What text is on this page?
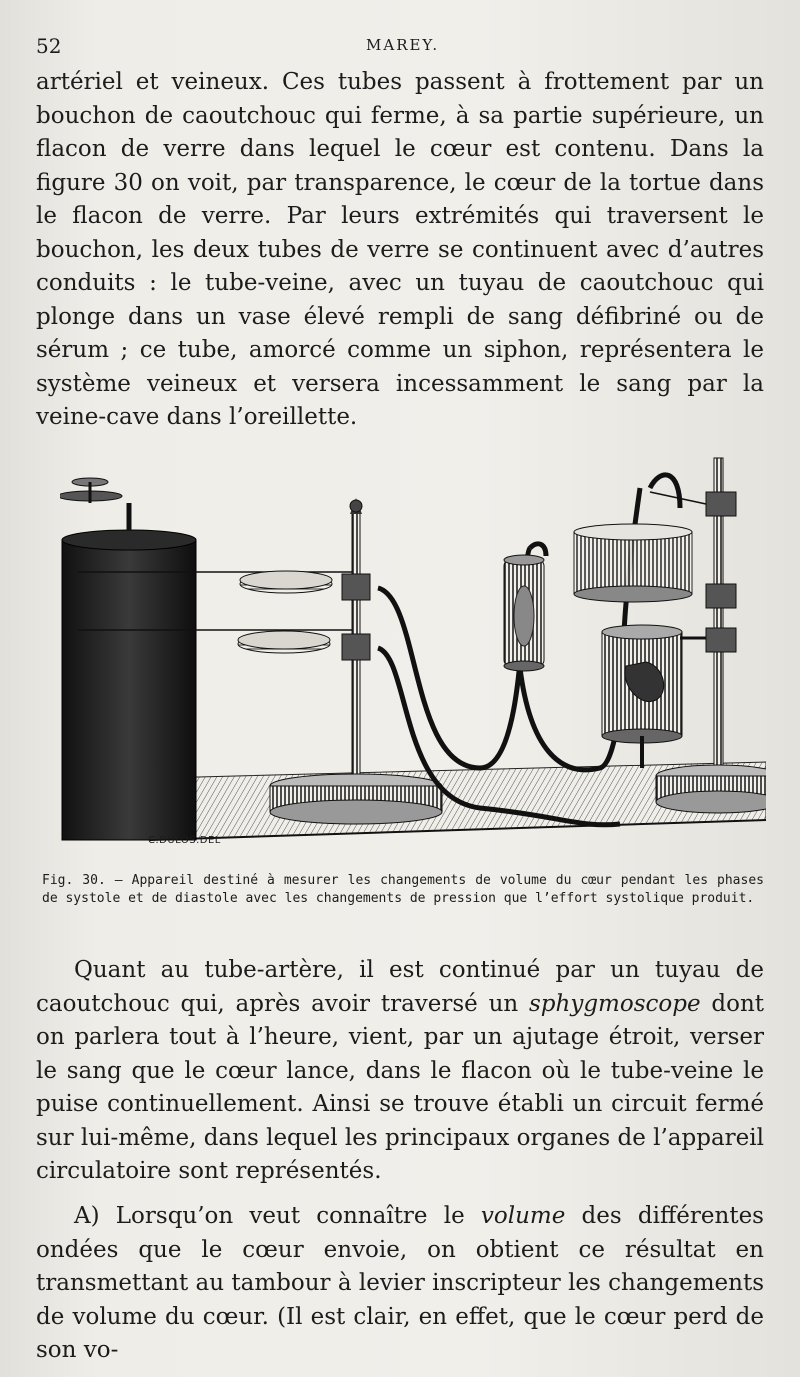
52	MAREY.

artériel et veineux. Ces tubes passent à frottement par un bouchon de caoutchouc qui ferme, à sa partie supérieure, un flacon de verre dans lequel le cœur est contenu. Dans la figure 30 on voit, par transparence, le cœur de la tortue dans le flacon de verre. Par leurs extrémités qui traversent le bouchon, les deux tubes de verre se continuent avec d’autres conduits : le tube-veine, avec un tuyau de caoutchouc qui plonge dans un vase élevé rempli de sang défibriné ou de sérum ; ce tube, amorcé comme un siphon, représentera le système veineux et versera incessamment le sang par la veine-cave dans l’oreillette.

C.DULOS.DEL
Fig. 30. — Appareil destiné à mesurer les changements de volume du cœur pendant les phases de systole et de diastole avec les changements de pression que l’effort systolique produit.

Quant au tube-artère, il est continué par un tuyau de caoutchouc qui, après avoir traversé un sphygmoscope dont on parlera tout à l’heure, vient, par un ajutage étroit, verser le sang que le cœur lance, dans le flacon où le tube-veine le puise continuellement. Ainsi se trouve établi un circuit fermé sur lui-même, dans lequel les principaux organes de l’appareil circulatoire sont représentés.

A) Lorsqu’on veut connaître le volume des différentes ondées que le cœur envoie, on obtient ce résultat en transmettant au tambour à levier inscripteur les changements de volume du cœur. (Il est clair, en effet, que le cœur perd de son vo-
